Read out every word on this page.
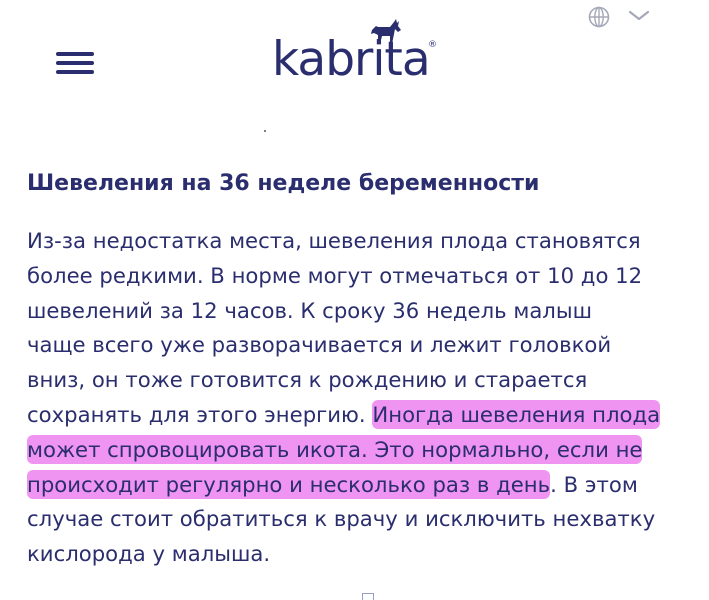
kabrita
®
Шевеления на 36 неделе беременности

Из-за недостатка места, шевеления плода становятся
более редкими. В норме могут отмечаться от 10 до 12
шевелений за 12 часов. К сроку 36 недель малыш
чаще всего уже разворачивается и лежит головкой
вниз, он тоже готовится к рождению и старается
сохранять для этого энергию. Иногда шевеления плода
может спровоцировать икота. Это нормально, если не
происходит регулярно и несколько раз в день. В этом
случае стоит обратиться к врачу и исключить нехватку
кислорода у малыша.
